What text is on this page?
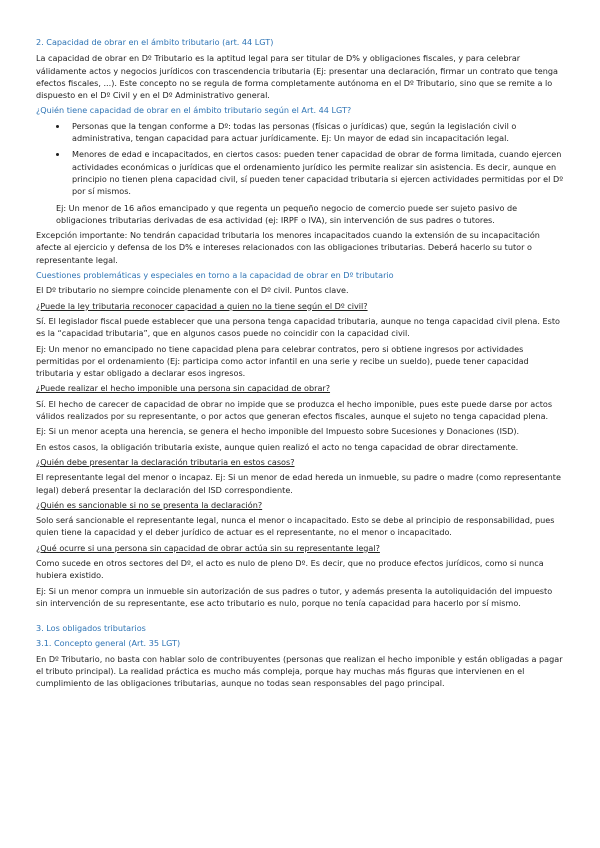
2. Capacidad de obrar en el ámbito tributario (art. 44 LGT)

La capacidad de obrar en Dº Tributario es la aptitud legal para ser titular de D% y obligaciones fiscales, y para celebrar válidamente actos y negocios jurídicos con trascendencia tributaria (Ej: presentar una declaración, firmar un contrato que tenga efectos fiscales, ...). Este concepto no se regula de forma completamente autónoma en el Dº Tributario, sino que se remite a lo dispuesto en el Dº Civil y en el Dº Administrativo general.

¿Quién tiene capacidad de obrar en el ámbito tributario según el Art. 44 LGT?

• Personas que la tengan conforme a Dº: todas las personas (físicas o jurídicas) que, según la legislación civil o administrativa, tengan capacidad para actuar jurídicamente. Ej: Un mayor de edad sin incapacitación legal.
• Menores de edad e incapacitados, en ciertos casos: pueden tener capacidad de obrar de forma limitada, cuando ejercen actividades económicas o jurídicas que el ordenamiento jurídico les permite realizar sin asistencia. Es decir, aunque en principio no tienen plena capacidad civil, sí pueden tener capacidad tributaria si ejercen actividades permitidas por el Dº por sí mismos.

Ej: Un menor de 16 años emancipado y que regenta un pequeño negocio de comercio puede ser sujeto pasivo de obligaciones tributarias derivadas de esa actividad (ej: IRPF o IVA), sin intervención de sus padres o tutores.

Excepción importante: No tendrán capacidad tributaria los menores incapacitados cuando la extensión de su incapacitación afecte al ejercicio y defensa de los D% e intereses relacionados con las obligaciones tributarias. Deberá hacerlo su tutor o representante legal.

Cuestiones problemáticas y especiales en torno a la capacidad de obrar en Dº tributario

El Dº tributario no siempre coincide plenamente con el Dº civil. Puntos clave.

¿Puede la ley tributaria reconocer capacidad a quien no la tiene según el Dº civil?

Sí. El legislador fiscal puede establecer que una persona tenga capacidad tributaria, aunque no tenga capacidad civil plena. Esto es la “capacidad tributaria”, que en algunos casos puede no coincidir con la capacidad civil.

Ej: Un menor no emancipado no tiene capacidad plena para celebrar contratos, pero si obtiene ingresos por actividades permitidas por el ordenamiento (Ej: participa como actor infantil en una serie y recibe un sueldo), puede tener capacidad tributaria y estar obligado a declarar esos ingresos.

¿Puede realizar el hecho imponible una persona sin capacidad de obrar?

Sí. El hecho de carecer de capacidad de obrar no impide que se produzca el hecho imponible, pues este puede darse por actos válidos realizados por su representante, o por actos que generan efectos fiscales, aunque el sujeto no tenga capacidad plena.

Ej: Si un menor acepta una herencia, se genera el hecho imponible del Impuesto sobre Sucesiones y Donaciones (ISD).

En estos casos, la obligación tributaria existe, aunque quien realizó el acto no tenga capacidad de obrar directamente.

¿Quién debe presentar la declaración tributaria en estos casos?

El representante legal del menor o incapaz. Ej: Si un menor de edad hereda un inmueble, su padre o madre (como representante legal) deberá presentar la declaración del ISD correspondiente.

¿Quién es sancionable si no se presenta la declaración?

Solo será sancionable el representante legal, nunca el menor o incapacitado. Esto se debe al principio de responsabilidad, pues quien tiene la capacidad y el deber jurídico de actuar es el representante, no el menor o incapacitado.

¿Qué ocurre si una persona sin capacidad de obrar actúa sin su representante legal?

Como sucede en otros sectores del Dº, el acto es nulo de pleno Dº. Es decir, que no produce efectos jurídicos, como si nunca hubiera existido.

Ej: Si un menor compra un inmueble sin autorización de sus padres o tutor, y además presenta la autoliquidación del impuesto sin intervención de su representante, ese acto tributario es nulo, porque no tenía capacidad para hacerlo por sí mismo.

3. Los obligados tributarios

3.1. Concepto general (Art. 35 LGT)

En Dº Tributario, no basta con hablar solo de contribuyentes (personas que realizan el hecho imponible y están obligadas a pagar el tributo principal). La realidad práctica es mucho más compleja, porque hay muchas más figuras que intervienen en el cumplimiento de las obligaciones tributarias, aunque no todas sean responsables del pago principal.
